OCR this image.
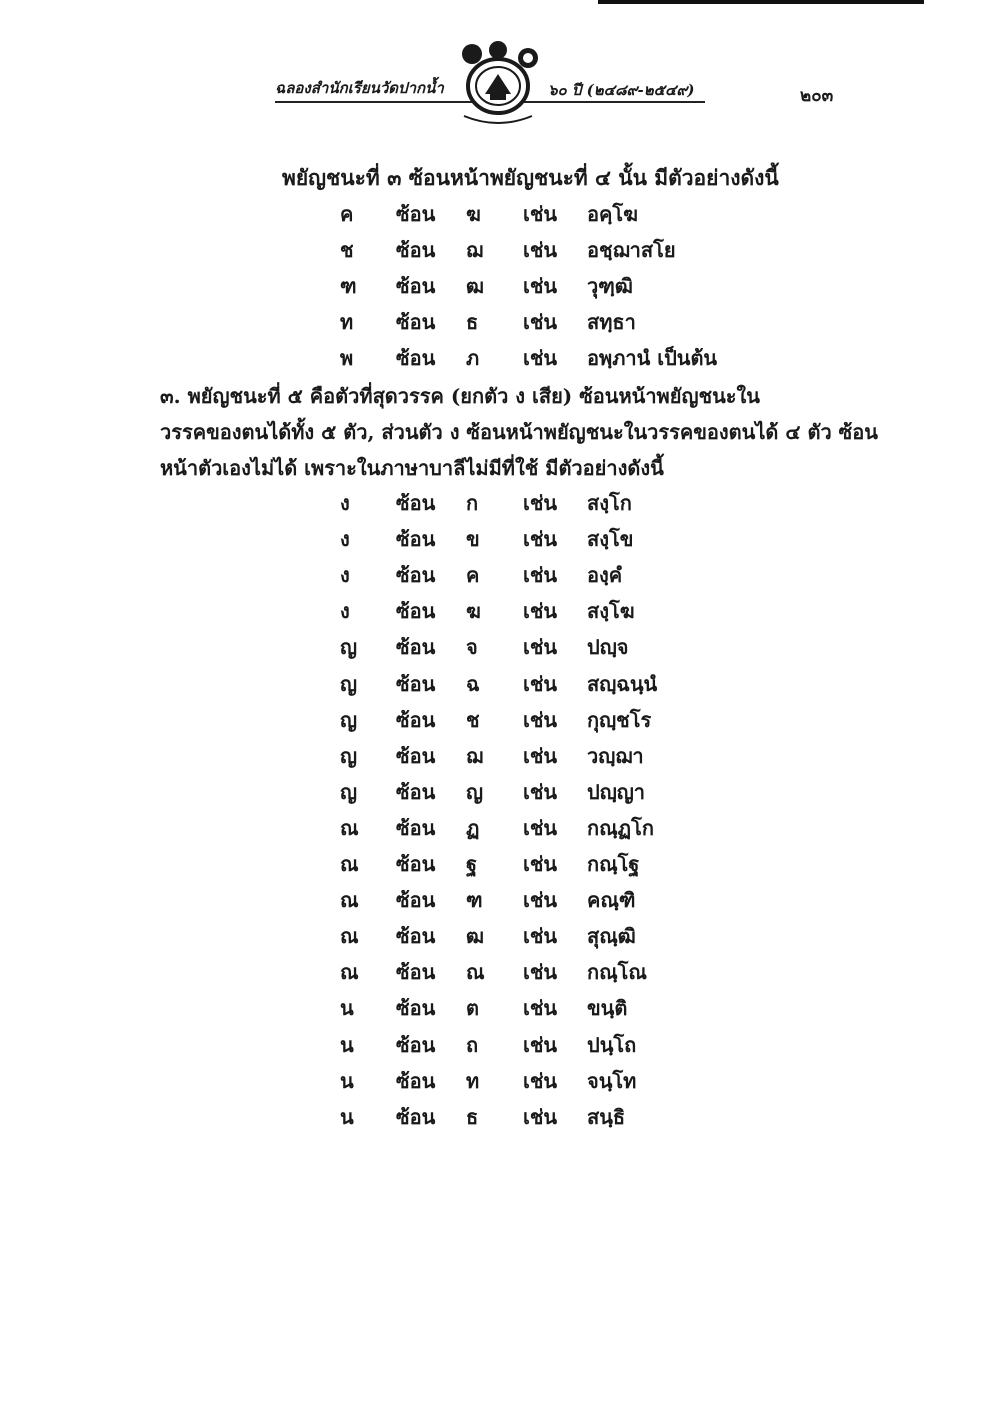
ฉลองสำนักเรียนวัดปากน้ำ	๖๐ ปี (๒๔๘๙-๒๕๔๙)	๒๐๓
พยัญชนะที่ ๓ ซ้อนหน้าพยัญชนะที่ ๔ นั้น มีตัวอย่างดังนี้
ค ซ้อน ฆ เช่น อคฺโฆ
ช ซ้อน ฌ เช่น อชฺฌาสโย
ฑ ซ้อน ฒ เช่น วุฑฺฒิ
ท ซ้อน ธ เช่น สทฺธา
พ ซ้อน ภ เช่น อพฺภานํ เป็นต้น
๓. พยัญชนะที่ ๕ คือตัวที่สุดวรรค (ยกตัว ง เสีย) ซ้อนหน้าพยัญชนะใน
วรรคของตนได้ทั้ง ๕ ตัว, ส่วนตัว ง ซ้อนหน้าพยัญชนะในวรรคของตนได้ ๔ ตัว ซ้อน
หน้าตัวเองไม่ได้ เพราะในภาษาบาลีไม่มีที่ใช้ มีตัวอย่างดังนี้
ง ซ้อน ก เช่น สงฺโก
ง ซ้อน ข เช่น สงฺโข
ง ซ้อน ค เช่น องฺคํ
ง ซ้อน ฆ เช่น สงฺโฆ
ญ ซ้อน จ เช่น ปญฺจ
ญ ซ้อน ฉ เช่น สญฺฉนฺนํ
ญ ซ้อน ช เช่น กุญฺชโร
ญ ซ้อน ฌ เช่น วญฺฌา
ญ ซ้อน ญ เช่น ปญฺญา
ณ ซ้อน ฏ เช่น กณฺฏโก
ณ ซ้อน ฐ เช่น กณฺโฐ
ณ ซ้อน ฑ เช่น คณฺฑิ
ณ ซ้อน ฒ เช่น สุณฺฒิ
ณ ซ้อน ณ เช่น กณฺโณ
น ซ้อน ต เช่น ขนฺติ
น ซ้อน ถ เช่น ปนฺโถ
น ซ้อน ท เช่น จนฺโท
น ซ้อน ธ เช่น สนฺธิ
